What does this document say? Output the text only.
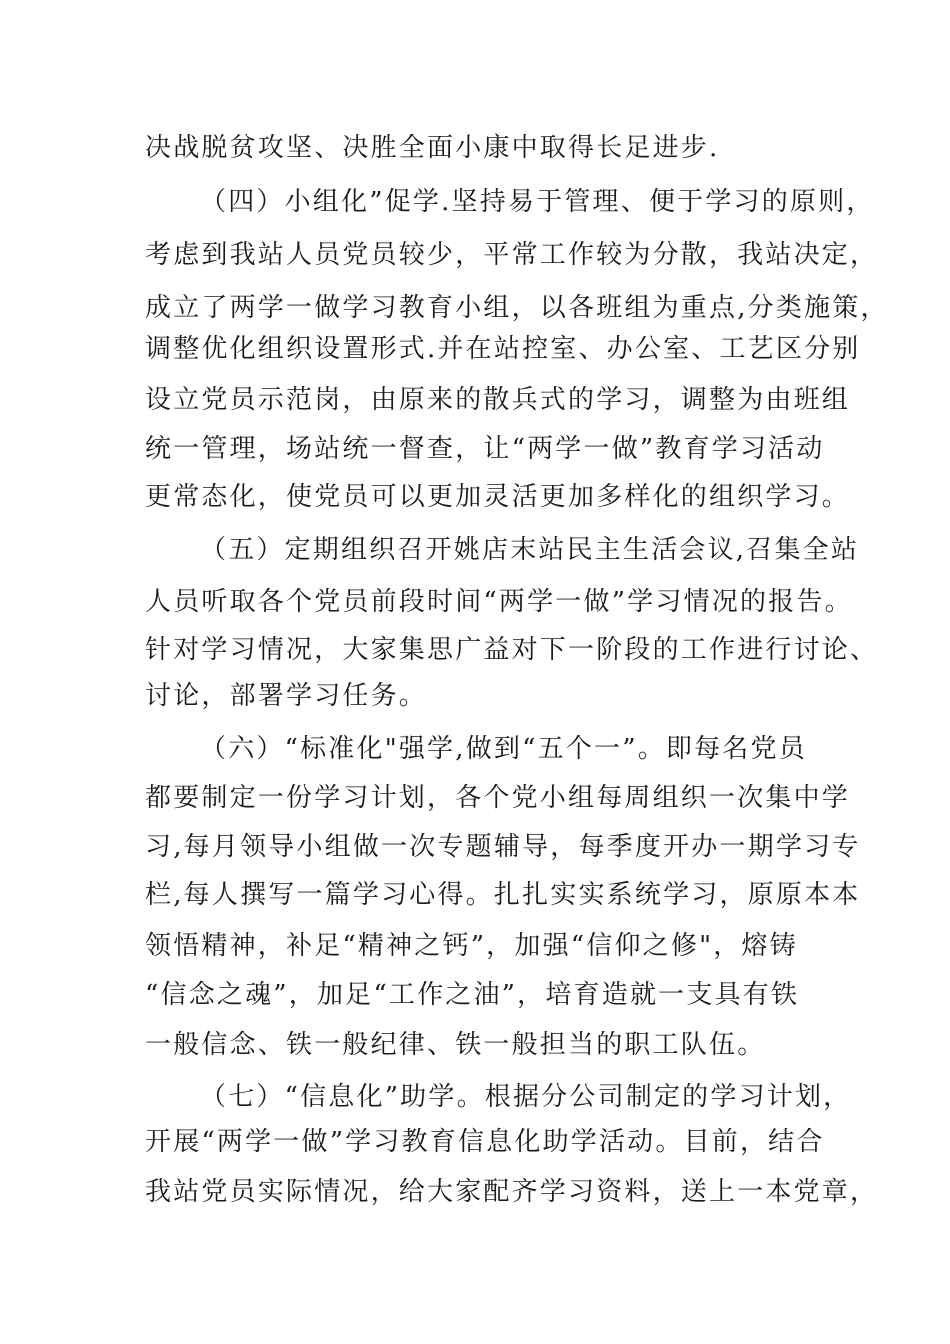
决战脱贫攻坚、决胜全面小康中取得长足进步.
（四）小组化”促学.坚持易于管理、便于学习的原则，
考虑到我站人员党员较少，平常工作较为分散，我站决定，
成立了两学一做学习教育小组，以各班组为重点,分类施策，
调整优化组织设置形式.并在站控室、办公室、工艺区分别
设立党员示范岗，由原来的散兵式的学习，调整为由班组
统一管理，场站统一督查，让“两学一做”教育学习活动
更常态化，使党员可以更加灵活更加多样化的组织学习。
（五）定期组织召开姚店末站民主生活会议,召集全站
人员听取各个党员前段时间“两学一做”学习情况的报告。
针对学习情况，大家集思广益对下一阶段的工作进行讨论、
讨论，部署学习任务。
（六）“标准化"强学,做到“五个一”。即每名党员
都要制定一份学习计划，各个党小组每周组织一次集中学
习,每月领导小组做一次专题辅导，每季度开办一期学习专
栏,每人撰写一篇学习心得。扎扎实实系统学习，原原本本
领悟精神，补足“精神之钙”，加强“信仰之修"，熔铸
“信念之魂”，加足“工作之油”，培育造就一支具有铁
一般信念、铁一般纪律、铁一般担当的职工队伍。
（七）“信息化”助学。根据分公司制定的学习计划，
开展“两学一做”学习教育信息化助学活动。目前，结合
我站党员实际情况，给大家配齐学习资料，送上一本党章，
